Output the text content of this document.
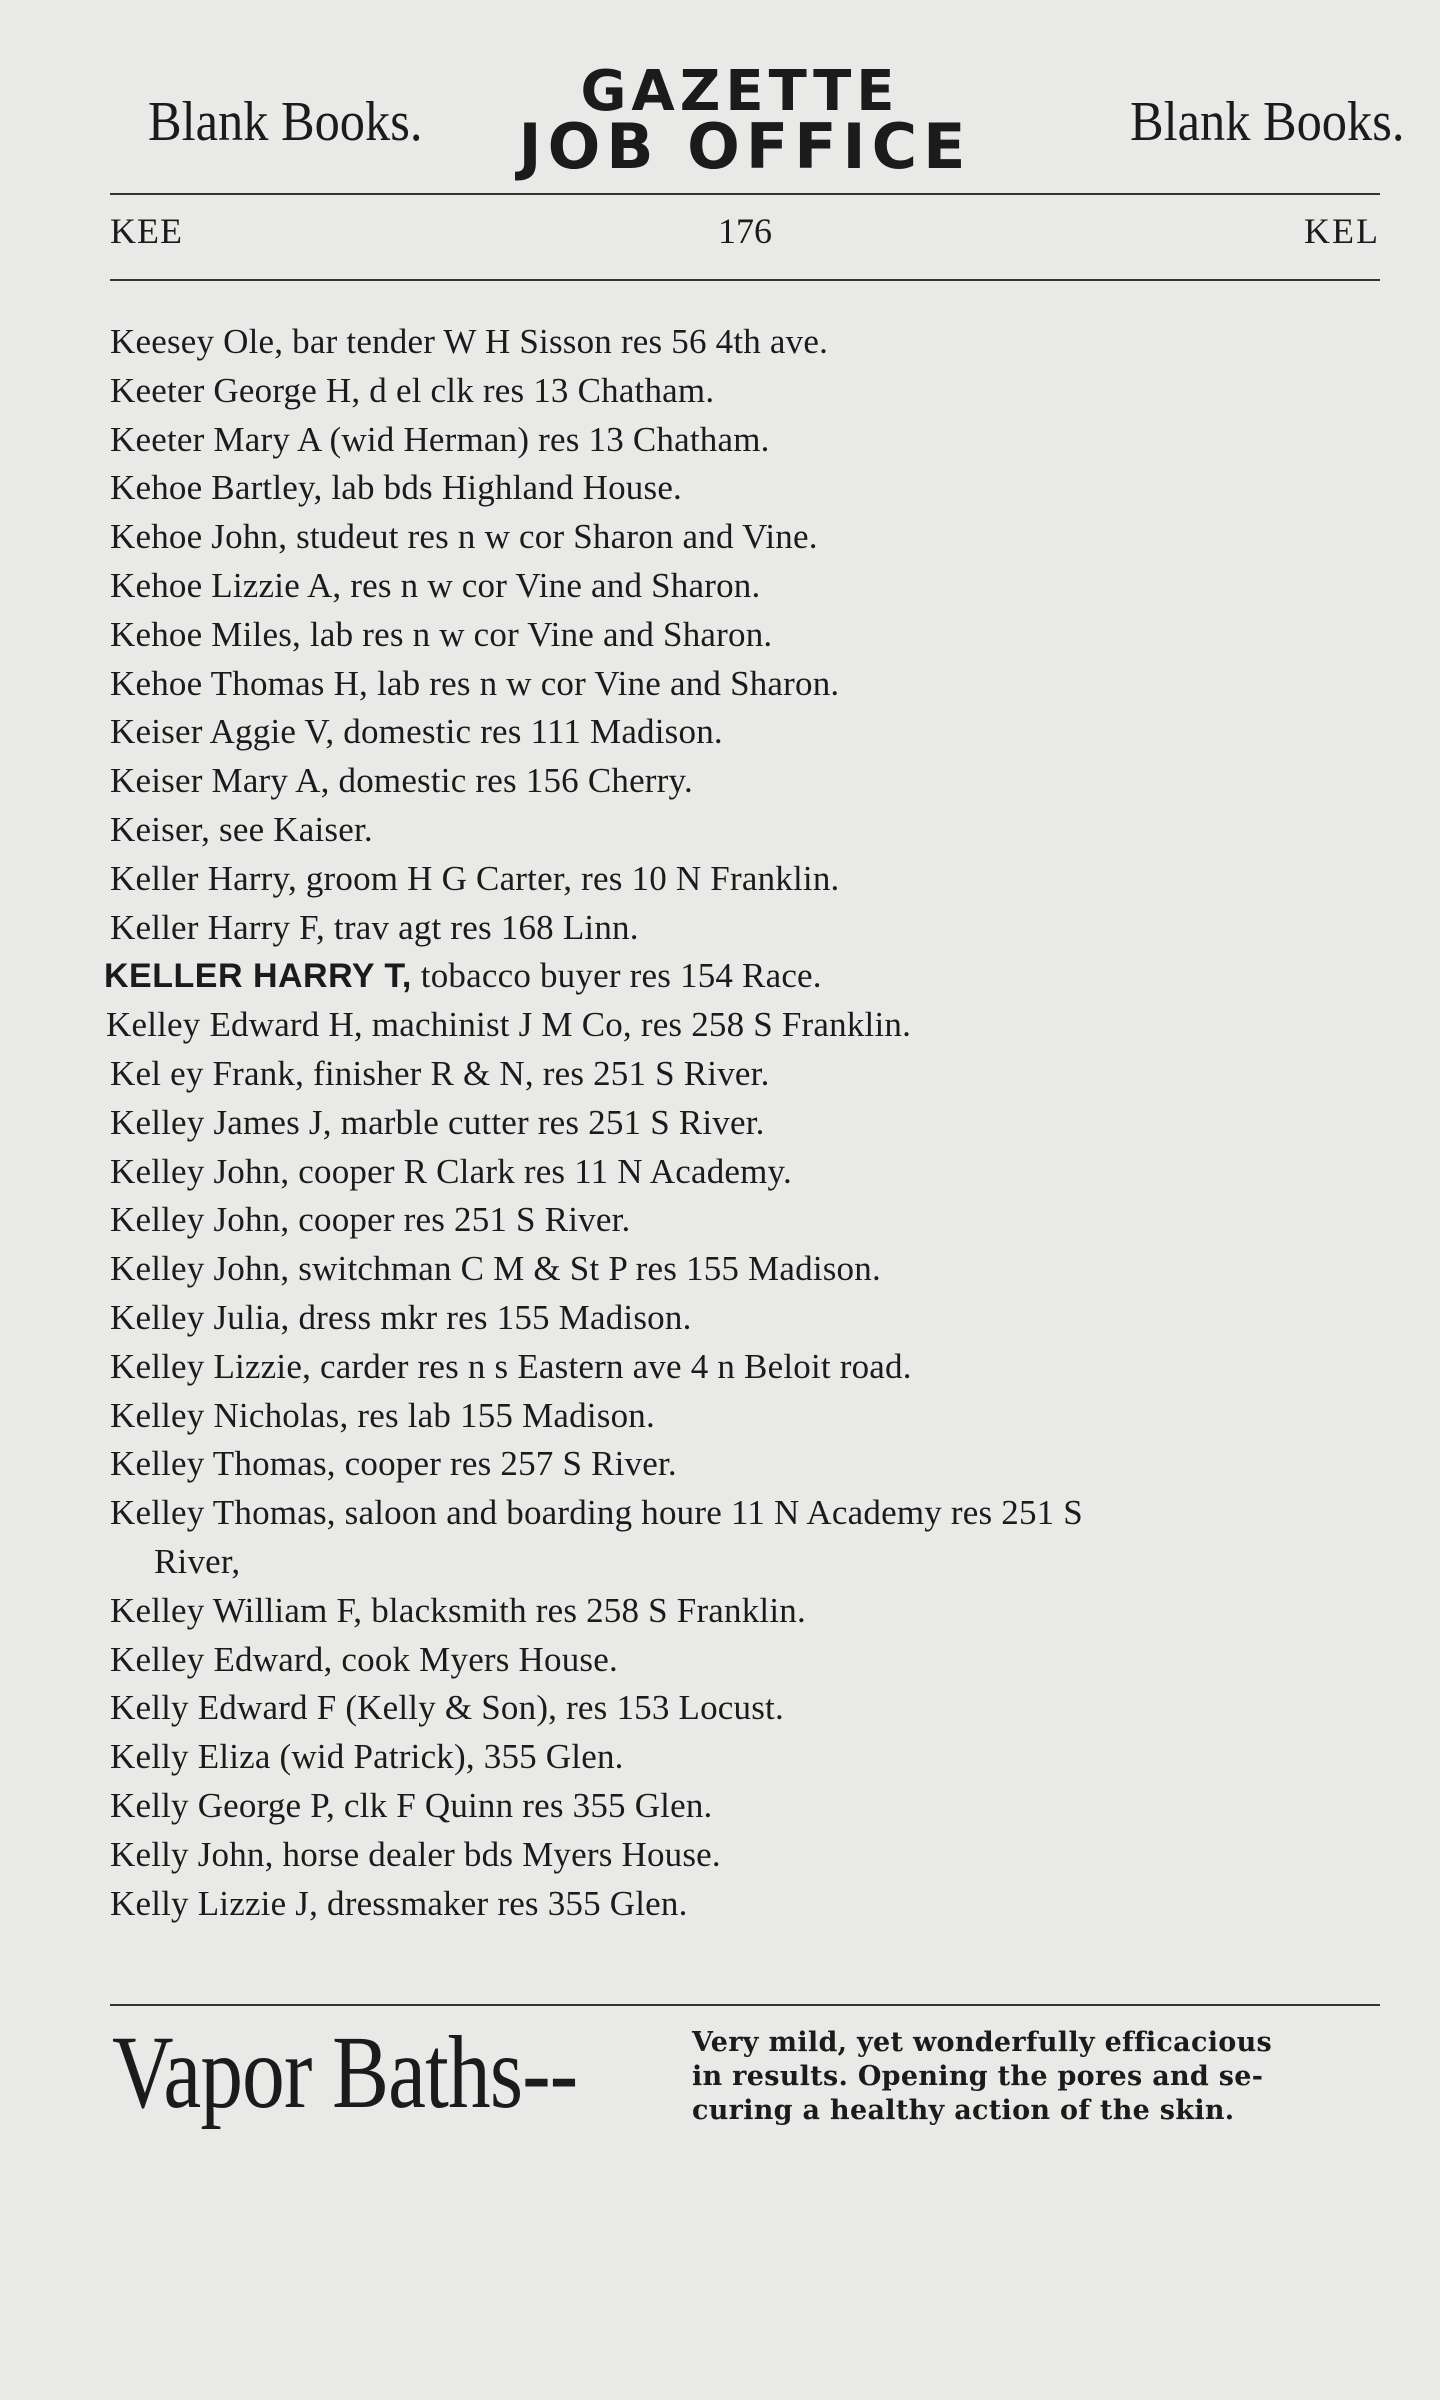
Blank Books.	GAZETTE
JOB OFFICE	Blank Books.
KEE	176	KEL
Keesey Ole, bar tender W H Sisson res 56 4th ave.
Keeter George H, d el clk res 13 Chatham.
Keeter Mary A (wid Herman) res 13 Chatham.
Kehoe Bartley, lab bds Highland House.
Kehoe John, studeut res n w cor Sharon and Vine.
Kehoe Lizzie A, res n w cor Vine and Sharon.
Kehoe Miles, lab res n w cor Vine and Sharon.
Kehoe Thomas H, lab res n w cor Vine and Sharon.
Keiser Aggie V, domestic res 111 Madison.
Keiser Mary A, domestic res 156 Cherry.
Keiser, see Kaiser.
Keller Harry, groom H G Carter, res 10 N Franklin.
Keller Harry F, trav agt res 168 Linn.
KELLER HARRY T, tobacco buyer res 154 Race.
Kelley Edward H, machinist J M Co, res 258 S Franklin.
Kel ey Frank, finisher R & N, res 251 S River.
Kelley James J, marble cutter res 251 S River.
Kelley John, cooper R Clark res 11 N Academy.
Kelley John, cooper res 251 S River.
Kelley John, switchman C M & St P res 155 Madison.
Kelley Julia, dress mkr res 155 Madison.
Kelley Lizzie, carder res n s Eastern ave 4 n Beloit road.
Kelley Nicholas, res lab 155 Madison.
Kelley Thomas, cooper res 257 S River.
Kelley Thomas, saloon and boarding houre 11 N Academy res 251 S
River,
Kelley William F, blacksmith res 258 S Franklin.
Kelley Edward, cook Myers House.
Kelly Edward F (Kelly & Son), res 153 Locust.
Kelly Eliza (wid Patrick), 355 Glen.
Kelly George P, clk F Quinn res 355 Glen.
Kelly John, horse dealer bds Myers House.
Kelly Lizzie J, dressmaker res 355 Glen.
Vapor Baths--	Very mild, yet wonderfully efficacious
in results. Opening the pores and se-
curing a healthy action of the skin.
